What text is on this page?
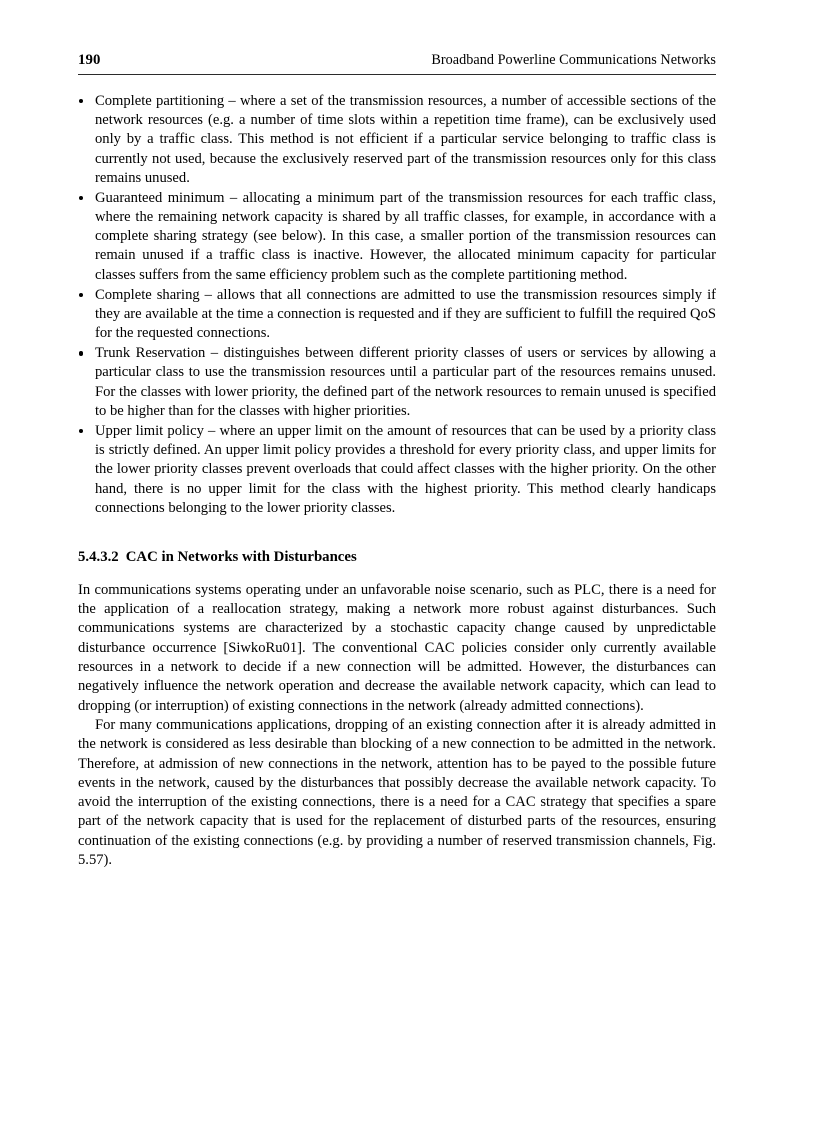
190	Broadband Powerline Communications Networks
Complete partitioning – where a set of the transmission resources, a number of accessible sections of the network resources (e.g. a number of time slots within a repetition time frame), can be exclusively used only by a traffic class. This method is not efficient if a particular service belonging to traffic class is currently not used, because the exclusively reserved part of the transmission resources only for this class remains unused.
Guaranteed minimum – allocating a minimum part of the transmission resources for each traffic class, where the remaining network capacity is shared by all traffic classes, for example, in accordance with a complete sharing strategy (see below). In this case, a smaller portion of the transmission resources can remain unused if a traffic class is inactive. However, the allocated minimum capacity for particular classes suffers from the same efficiency problem such as the complete partitioning method.
Complete sharing – allows that all connections are admitted to use the transmission resources simply if they are available at the time a connection is requested and if they are sufficient to fulfill the required QoS for the requested connections.
Trunk Reservation – distinguishes between different priority classes of users or services by allowing a particular class to use the transmission resources until a particular part of the resources remains unused. For the classes with lower priority, the defined part of the network resources to remain unused is specified to be higher than for the classes with higher priorities.
Upper limit policy – where an upper limit on the amount of resources that can be used by a priority class is strictly defined. An upper limit policy provides a threshold for every priority class, and upper limits for the lower priority classes prevent overloads that could affect classes with the higher priority. On the other hand, there is no upper limit for the class with the highest priority. This method clearly handicaps connections belonging to the lower priority classes.
5.4.3.2 CAC in Networks with Disturbances

In communications systems operating under an unfavorable noise scenario, such as PLC, there is a need for the application of a reallocation strategy, making a network more robust against disturbances. Such communications systems are characterized by a stochastic capacity change caused by unpredictable disturbance occurrence [SiwkoRu01]. The conventional CAC policies consider only currently available resources in a network to decide if a new connection will be admitted. However, the disturbances can negatively influence the network operation and decrease the available network capacity, which can lead to dropping (or interruption) of existing connections in the network (already admitted connections).

For many communications applications, dropping of an existing connection after it is already admitted in the network is considered as less desirable than blocking of a new connection to be admitted in the network. Therefore, at admission of new connections in the network, attention has to be payed to the possible future events in the network, caused by the disturbances that possibly decrease the available network capacity. To avoid the interruption of the existing connections, there is a need for a CAC strategy that specifies a spare part of the network capacity that is used for the replacement of disturbed parts of the resources, ensuring continuation of the existing connections (e.g. by providing a number of reserved transmission channels, Fig. 5.57).
